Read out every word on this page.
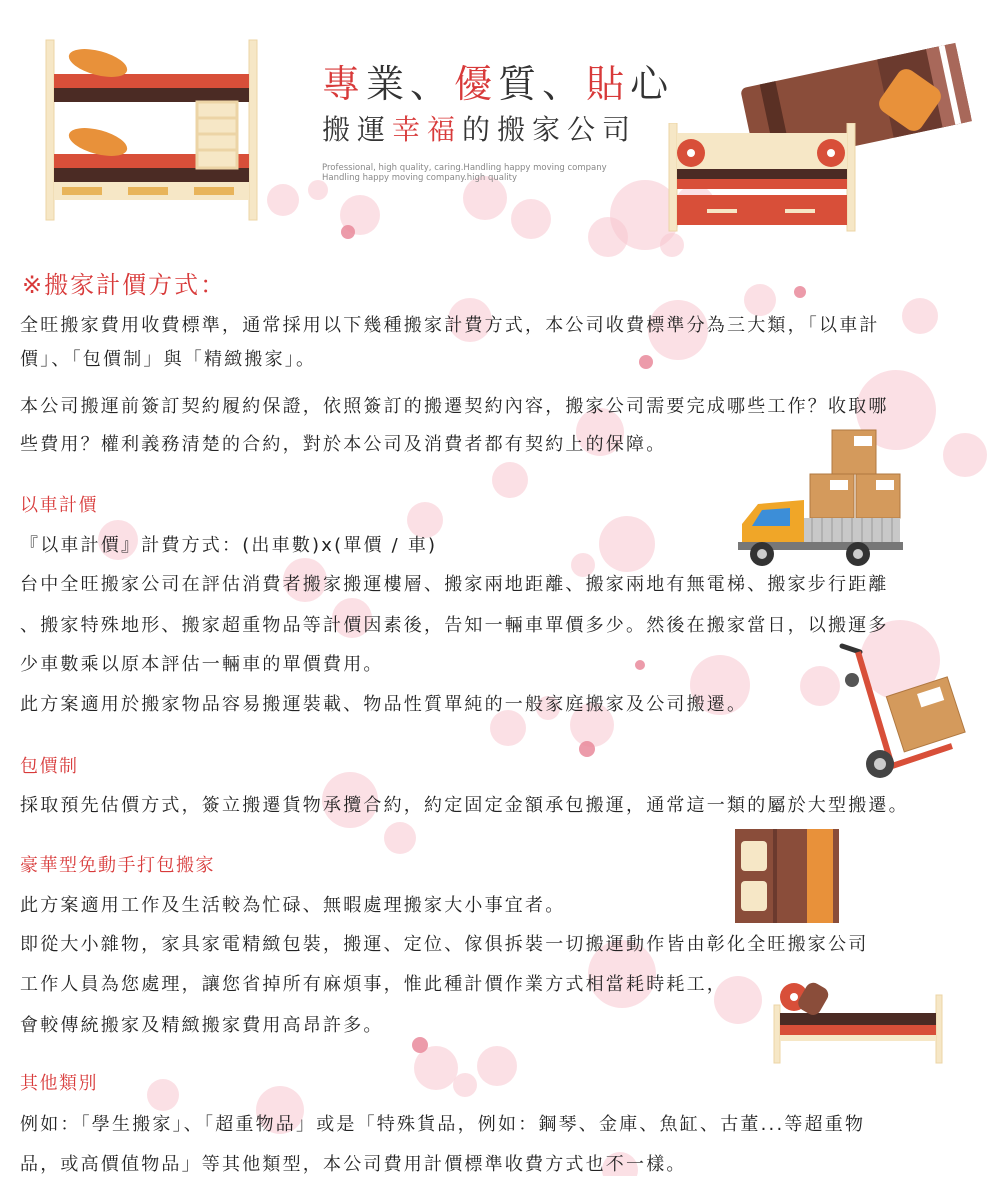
專業、優質、貼心
搬運幸福的搬家公司
Professional, high quality, caring.Handling happy moving company
Handling happy moving company.high quality
※搬家計價方式：
全旺搬家費用收費標準，通常採用以下幾種搬家計費方式，本公司收費標準分為三大類，「以車計
價」、「包價制」與「精緻搬家」。
本公司搬運前簽訂契約履約保證，依照簽訂的搬遷契約內容，搬家公司需要完成哪些工作？收取哪
些費用？權利義務清楚的合約，對於本公司及消費者都有契約上的保障。
以車計價
『以車計價』計費方式：(出車數)x(單價 / 車)
台中全旺搬家公司在評估消費者搬家搬運樓層、搬家兩地距離、搬家兩地有無電梯、搬家步行距離
、搬家特殊地形、搬家超重物品等計價因素後，告知一輛車單價多少。然後在搬家當日，以搬運多
少車數乘以原本評估一輛車的單價費用。
此方案適用於搬家物品容易搬運裝載、物品性質單純的一般家庭搬家及公司搬遷。
包價制
採取預先估價方式，簽立搬遷貨物承攬合約，約定固定金額承包搬運，通常這一類的屬於大型搬遷。
豪華型免動手打包搬家
此方案適用工作及生活較為忙碌、無暇處理搬家大小事宜者。
即從大小雜物，家具家電精緻包裝，搬運、定位、傢俱拆裝一切搬運動作皆由彰化全旺搬家公司
工作人員為您處理，讓您省掉所有麻煩事，惟此種計價作業方式相當耗時耗工，
會較傳統搬家及精緻搬家費用高昂許多。
其他類別
例如：「學生搬家」、「超重物品」或是「特殊貨品，例如：鋼琴、金庫、魚缸、古董...等超重物
品，或高價值物品」等其他類型，本公司費用計價標準收費方式也不一樣。
